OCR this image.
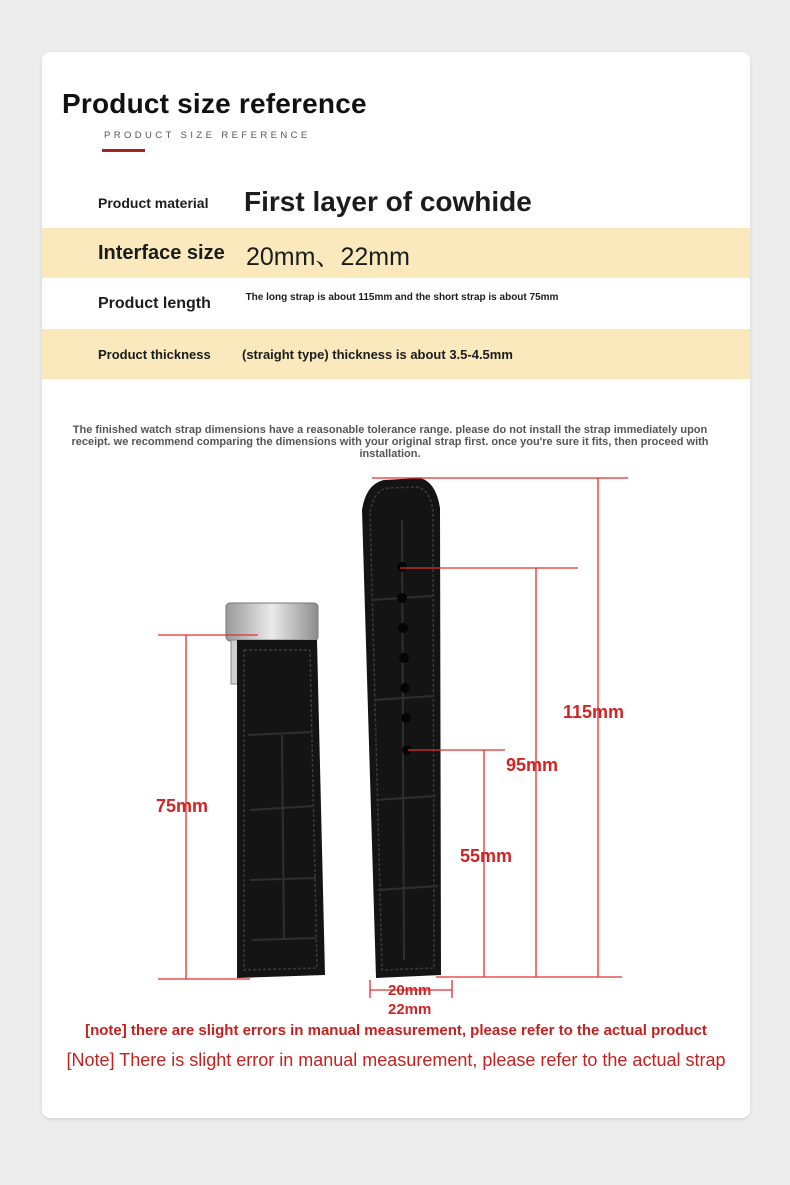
Product size reference
PRODUCT SIZE REFERENCE
Product material First layer of cowhide
Interface size 20mm、22mm
Product length	The long strap is about 115mm and the short strap is about 75mm
Product thickness (straight type) thickness is about 3.5-4.5mm
The finished watch strap dimensions have a reasonable tolerance range. please do not install the strap immediately upon receipt. we recommend comparing the dimensions with your original strap first. once you're sure it fits, then proceed with installation.
75mm
115mm
95mm
55mm
20mm
22mm
[note] there are slight errors in manual measurement, please refer to the actual product
[Note] There is slight error in manual measurement, please refer to the actual strap
